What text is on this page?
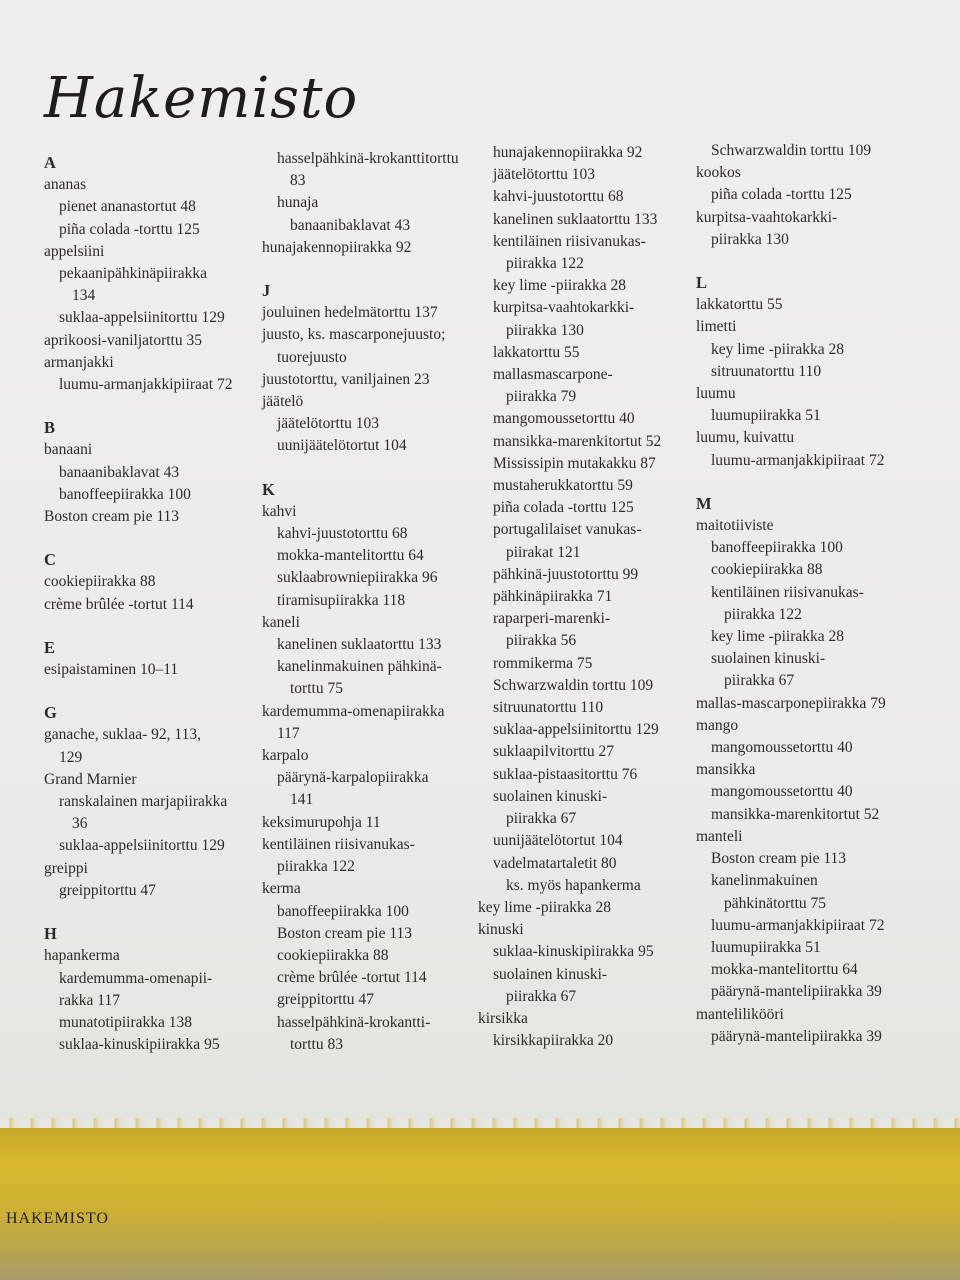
Hakemisto
A
ananas
pienet ananastortut 48
piña colada -torttu 125
appelsiini
pekaanipähkinäpiirakka
134
suklaa-appelsiinitorttu 129
aprikoosi-vaniljatorttu 35
armanjakki
luumu-armanjakkipiiraat 72
B
banaani
banaanibaklavat 43
banoffeepiirakka 100
Boston cream pie 113
C
cookiepiirakka 88
crème brûlée -tortut 114
E
esipaistaminen 10–11
G
ganache, suklaa- 92, 113,
129
Grand Marnier
ranskalainen marjapiirakka
36
suklaa-appelsiinitorttu 129
greippi
greippitorttu 47
H
hapankerma
kardemumma-omenapii-
rakka 117
munatotipiirakka 138
suklaa-kinuskipiirakka 95
hasselpähkinä-krokanttitorttu
83
hunaja
banaanibaklavat 43
hunajakennopiirakka 92
J
jouluinen hedelmätorttu 137
juusto, ks. mascarponejuusto;
tuorejuusto
juustotorttu, vaniljainen 23
jäätelö
jäätelötorttu 103
uunijäätelötortut 104
K
kahvi
kahvi-juustotorttu 68
mokka-mantelitorttu 64
suklaabrowniepiirakka 96
tiramisupiirakka 118
kaneli
kanelinen suklaatorttu 133
kanelinmakuinen pähkinä-
torttu 75
kardemumma-omenapiirakka
117
karpalo
päärynä-karpalopiirakka
141
keksimurupohja 11
kentiläinen riisivanukas-
piirakka 122
kerma
banoffeepiirakka 100
Boston cream pie 113
cookiepiirakka 88
crème brûlée -tortut 114
greippitorttu 47
hasselpähkinä-krokantti-
torttu 83
hunajakennopiirakka 92
jäätelötorttu 103
kahvi-juustotorttu 68
kanelinen suklaatorttu 133
kentiläinen riisivanukas-
piirakka 122
key lime -piirakka 28
kurpitsa-vaahtokarkki-
piirakka 130
lakkatorttu 55
mallasmascarpone-
piirakka 79
mangomoussetorttu 40
mansikka-marenkitortut 52
Mississipin mutakakku 87
mustaherukkatorttu 59
piña colada -torttu 125
portugalilaiset vanukas-
piirakat 121
pähkinä-juustotorttu 99
pähkinäpiirakka 71
raparperi-marenki-
piirakka 56
rommikerma 75
Schwarzwaldin torttu 109
sitruunatorttu 110
suklaa-appelsiinitorttu 129
suklaapilvitorttu 27
suklaa-pistaasitorttu 76
suolainen kinuski-
piirakka 67
uunijäätelötortut 104
vadelmatartaletit 80
ks. myös hapankerma
key lime -piirakka 28
kinuski
suklaa-kinuskipiirakka 95
suolainen kinuski-
piirakka 67
kirsikka
kirsikkapiirakka 20
Schwarzwaldin torttu 109
kookos
piña colada -torttu 125
kurpitsa-vaahtokarkki-
piirakka 130
L
lakkatorttu 55
limetti
key lime -piirakka 28
sitruunatorttu 110
luumu
luumupiirakka 51
luumu, kuivattu
luumu-armanjakkipiiraat 72
M
maitotiiviste
banoffeepiirakka 100
cookiepiirakka 88
kentiläinen riisivanukas-
piirakka 122
key lime -piirakka 28
suolainen kinuski-
piirakka 67
mallas-mascarponepiirakka 79
mango
mangomoussetorttu 40
mansikka
mangomoussetorttu 40
mansikka-marenkitortut 52
manteli
Boston cream pie 113
kanelinmakuinen
pähkinätorttu 75
luumu-armanjakkipiiraat 72
luumupiirakka 51
mokka-mantelitorttu 64
päärynä-mantelipiirakka 39
mantelilikööri
päärynä-mantelipiirakka 39
HAKEMISTO
